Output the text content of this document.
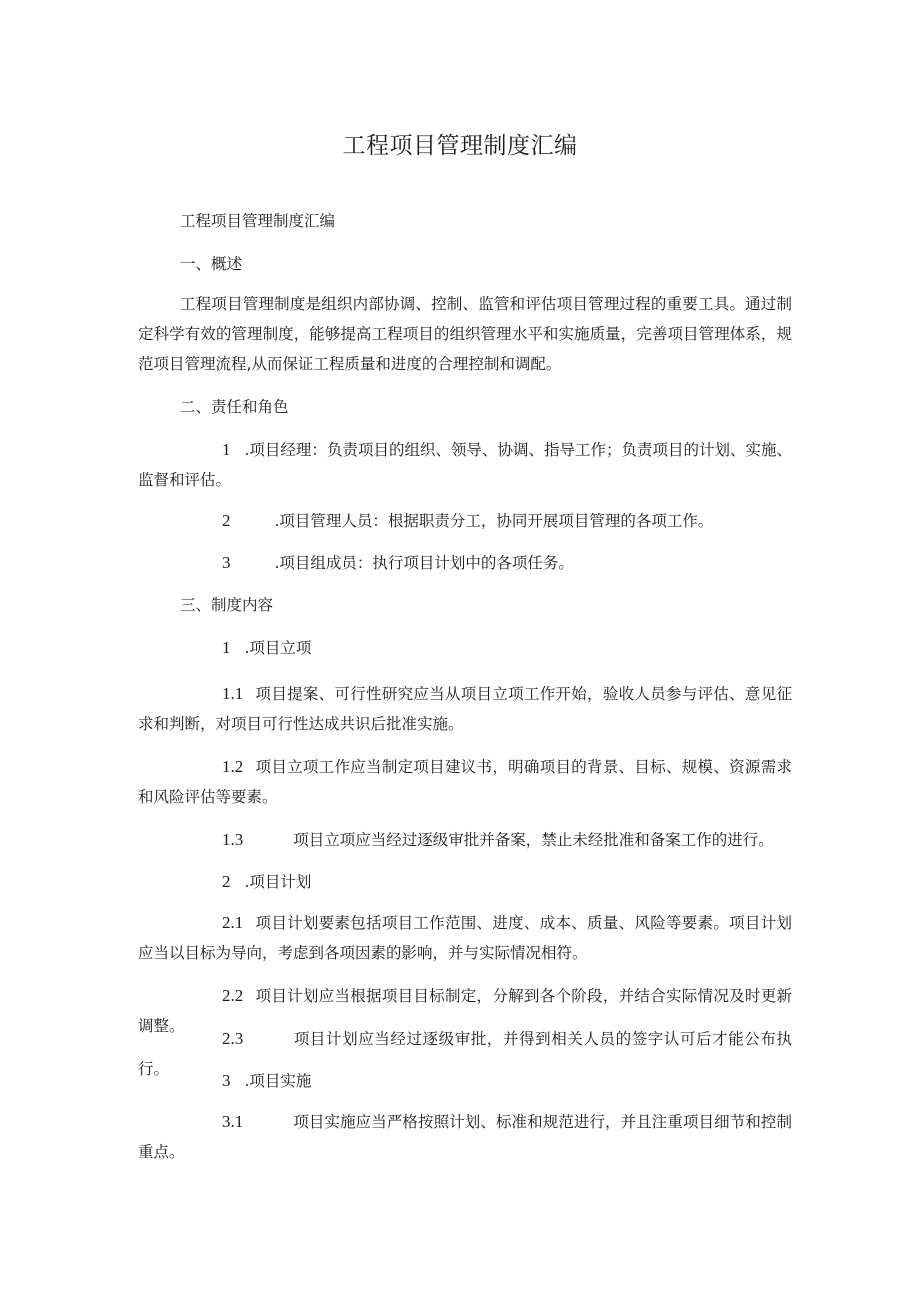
工程项目管理制度汇编

工程项目管理制度汇编

一、概述

工程项目管理制度是组织内部协调、控制、监管和评估项目管理过程的重要工具。通过制定科学有效的管理制度，能够提高工程项目的组织管理水平和实施质量，完善项目管理体系，规范项目管理流程,从而保证工程质量和进度的合理控制和调配。

二、责任和角色

1 .项目经理：负责项目的组织、领导、协调、指导工作；负责项目的计划、实施、监督和评估。

2	.项目管理人员：根据职责分工，协同开展项目管理的各项工作。

3	.项目组成员：执行项目计划中的各项任务。

三、制度内容

1 .项目立项

1.1 项目提案、可行性研究应当从项目立项工作开始，验收人员参与评估、意见征求和判断，对项目可行性达成共识后批准实施。

1.2 项目立项工作应当制定项目建议书，明确项目的背景、目标、规模、资源需求和风险评估等要素。

1.3	项目立项应当经过逐级审批并备案，禁止未经批准和备案工作的进行。

2 .项目计划

2.1 项目计划要素包括项目工作范围、进度、成本、质量、风险等要素。项目计划应当以目标为导向，考虑到各项因素的影响，并与实际情况相符。

2.2 项目计划应当根据项目目标制定，分解到各个阶段，并结合实际情况及时更新调整。

2.3	项目计划应当经过逐级审批，并得到相关人员的签字认可后才能公布执行。

3 .项目实施

3.1	项目实施应当严格按照计划、标准和规范进行，并且注重项目细节和控制重点。
